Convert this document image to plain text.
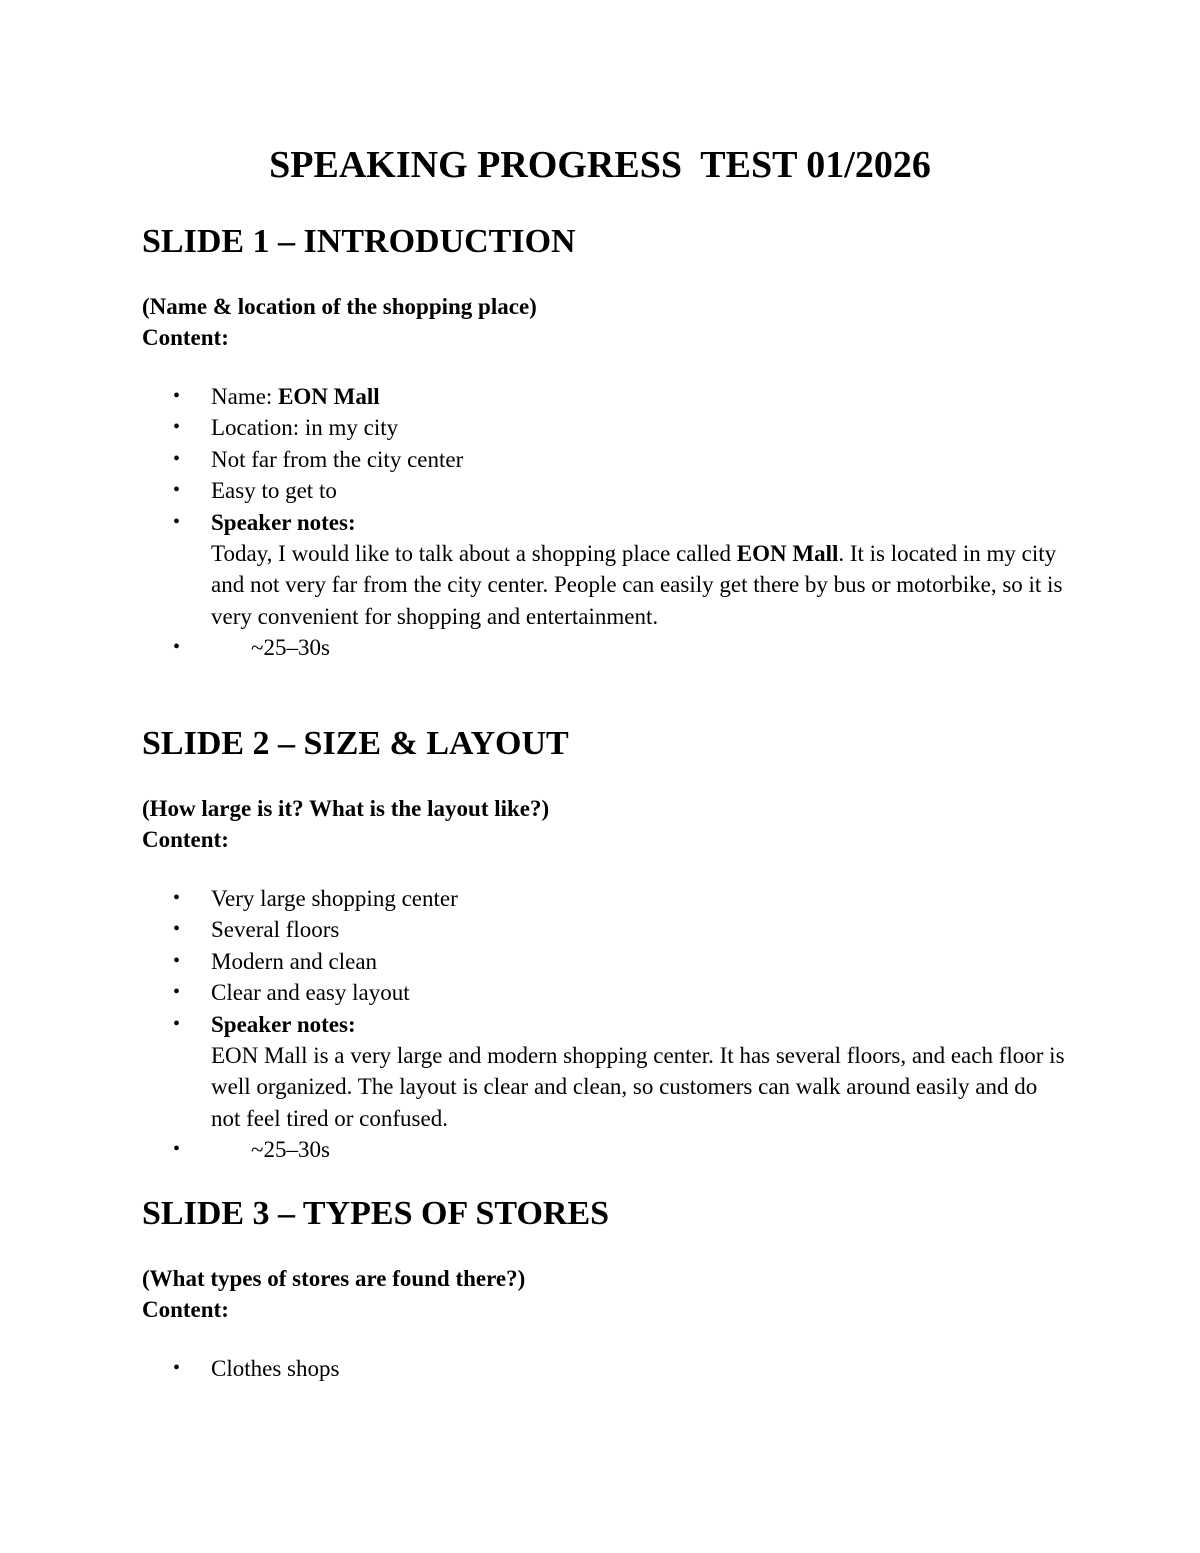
SPEAKING PROGRESS  TEST 01/2026
SLIDE 1 – INTRODUCTION

(Name & location of the shopping place)

Content:

• Name: EON Mall
• Location: in my city
• Not far from the city center
• Easy to get to
• Speaker notes:
Today, I would like to talk about a shopping place called EON Mall. It is located in my city and not very far from the city center. People can easily get there by bus or motorbike, so it is very convenient for shopping and entertainment.
• ~25–30s
SLIDE 2 – SIZE & LAYOUT

(How large is it? What is the layout like?)

Content:

• Very large shopping center
• Several floors
• Modern and clean
• Clear and easy layout
• Speaker notes:
EON Mall is a very large and modern shopping center. It has several floors, and each floor is well organized. The layout is clear and clean, so customers can walk around easily and do not feel tired or confused.
• ~25–30s
SLIDE 3 – TYPES OF STORES

(What types of stores are found there?)

Content:

• Clothes shops
